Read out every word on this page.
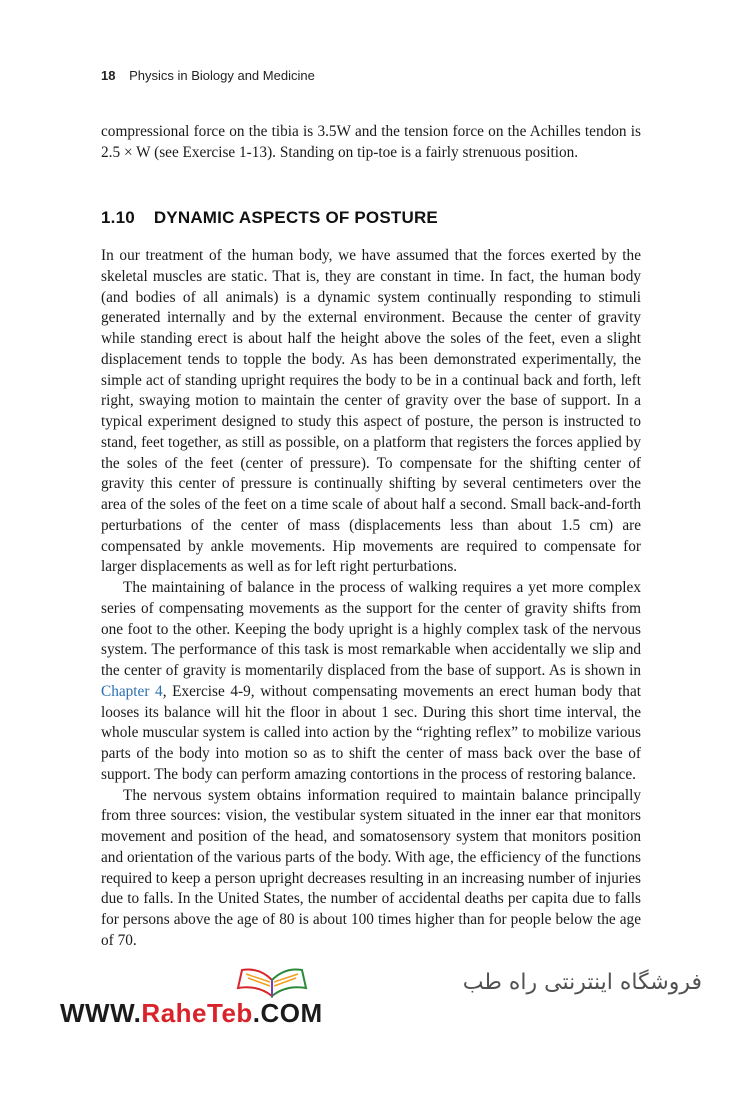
18 Physics in Biology and Medicine

compressional force on the tibia is 3.5W and the tension force on the Achilles tendon is 2.5 × W (see Exercise 1-13). Standing on tip-toe is a fairly strenuous position.

1.10 DYNAMIC ASPECTS OF POSTURE

In our treatment of the human body, we have assumed that the forces exerted by the skeletal muscles are static. That is, they are constant in time. In fact, the human body (and bodies of all animals) is a dynamic system continually responding to stimuli generated internally and by the external environment. Because the center of gravity while standing erect is about half the height above the soles of the feet, even a slight displacement tends to topple the body. As has been demonstrated experimentally, the simple act of standing upright requires the body to be in a continual back and forth, left right, swaying motion to maintain the center of gravity over the base of support. In a typical experiment designed to study this aspect of posture, the person is instructed to stand, feet together, as still as possible, on a platform that registers the forces applied by the soles of the feet (center of pressure). To compensate for the shifting center of gravity this center of pressure is continually shifting by several centimeters over the area of the soles of the feet on a time scale of about half a second. Small back-and-forth perturbations of the center of mass (displacements less than about 1.5 cm) are compensated by ankle movements. Hip movements are required to compensate for larger displacements as well as for left right perturbations.

The maintaining of balance in the process of walking requires a yet more complex series of compensating movements as the support for the center of gravity shifts from one foot to the other. Keeping the body upright is a highly complex task of the nervous system. The performance of this task is most remarkable when accidentally we slip and the center of gravity is momentarily displaced from the base of support. As is shown in Chapter 4, Exercise 4-9, without compensating movements an erect human body that looses its balance will hit the floor in about 1 sec. During this short time interval, the whole muscular system is called into action by the “righting reflex” to mobilize various parts of the body into motion so as to shift the center of mass back over the base of support. The body can perform amazing contortions in the process of restoring balance.

The nervous system obtains information required to maintain balance principally from three sources: vision, the vestibular system situated in the inner ear that monitors movement and position of the head, and somatosensory system that monitors position and orientation of the various parts of the body. With age, the efficiency of the functions required to keep a person upright decreases resulting in an increasing number of injuries due to falls. In the United States, the number of accidental deaths per capita due to falls for persons above the age of 80 is about 100 times higher than for people below the age of 70.

WWW.RaheTeb.COM
فروشگاه اینترنتی راه طب
